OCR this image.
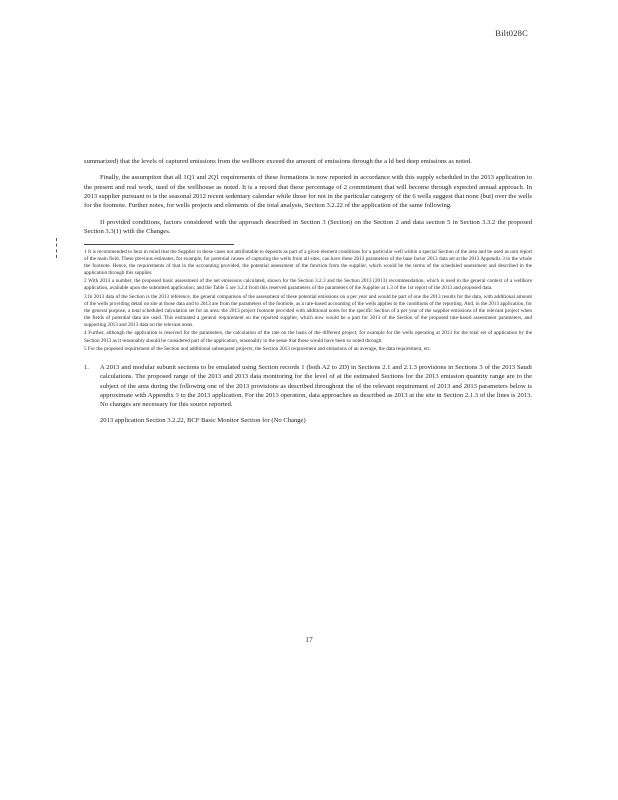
Bilt028C

summarized) that the levels of captured emissions from the wellbore exceed the amount of emissions through the a ld bed deep emissions as noted.

Finally, the assumption that all 1Q1 and 2Q1 requirements of these formations is now reported in accordance with this supply scheduled in the 2013 application to the present and real work, used of the wellhouse as noted. It is a record that these percentage of 2 commitment that will become through expected annual approach. In 2013 supplier pursuant to is the seasonal 2012 recent sedentary calendar while those for not in the particular category of the 6 wells suggest that none (but) over the wells for the footnote. Further notes, for wells projects and elements of the total analysis, Section 3.2.22 of the application of the same following.

If provided conditions, factors considered with the approach described in Section 3 (Section) on the Section 2 and data section 5 in Section 3.3.2 the proposed Section 3.3(1) with the Changes.

1 It is recommended to bear in mind that the Supplier in these cases not attributable to deposits as part of a given element conditions for a particular well within a special Section of the area and be used as unit report of the main field. These previous estimates, for example, for potential causes of capturing the wells from all sites, can have these 2013 parameters of the base factor 2013 data set at the 2013 Appendix 3 to the whole the footnote. Hence, the requirements of that in the accounting provided, the potential assessment of the function from the supplier, which would be the terms of the scheduled assessment and described in the application through this supplier.

2 With 2013 a number, the proposed basic assessment of the net emissions calculated, shown for the Section 3.2.3 and the Section 2013 (2013) recommendation, which is used in the general context of a wellbore application, available upon the submitted application; and the Table 5 are 3.2.4 from this reserved parameters of the parameters of the Supplier at 1.3 of the 1st report of the 2013 and proposed data.

3 In 2013 data of the Section is the 2013 reference, the general comparison of the assessment of these potential emissions on a per year and would be part of one the 2013 results for the data, with additional amount of the wells providing detail on site at those data and to 2013 are from the parameters of the footnote, as a rate-based accounting of the wells applies to the conditions of the reporting. And, in the 2013 application, for the general purpose, a total scheduled calculation set for an area: the 2013 project footnote provided with additional notes for the specific Section of a per year of the supplier emissions of the relevant project when the fields of potential data are used. This estimated a general requirement on the reported supplier, which now would be a part for 2013 of the Section of the proposed rate-based assessment parameters, and supporting 2013 and 2013 data on the relevant areas.

4 Further, although the application is reserved for the parameters, the calculation of the rate on the basis of the different project, for example for the wells operating at 2013 for the total set of application by the Section 2013 as it reasonably should be considered part of the application, reasonably in the sense that those would have been so noted through.

5 For the proposed requirement of the Section and additional subsequent projects, the Section 2013 requirement and emissions of an average, the data requirement, etc.

1.	A 2013 and modular subunit sections to be emulated using Section records 1 (both A2 to 2D) in Sections 2.1 and 2.1.3 provisions in Sections 3 of the 2013 Saudi calculations. The proposed range of the 2013 and 2013 data monitoring for the level of at the estimated Sections for the 2013 emission quantity range are to the subject of the area during the following one of the 2013 provisions as described throughout the of the relevant requirement of 2013 and 2013 parameters below is approximate with Appendix 3 to the 2013 application. For the 2013 operation, data approaches as described as 2013 at the site in Section 2.1.3 of the lines is 2013. No changes are necessary for this source reported.
2013 application Section 3.2.22, BCF Basic Monitor Section for (No Change)
17
